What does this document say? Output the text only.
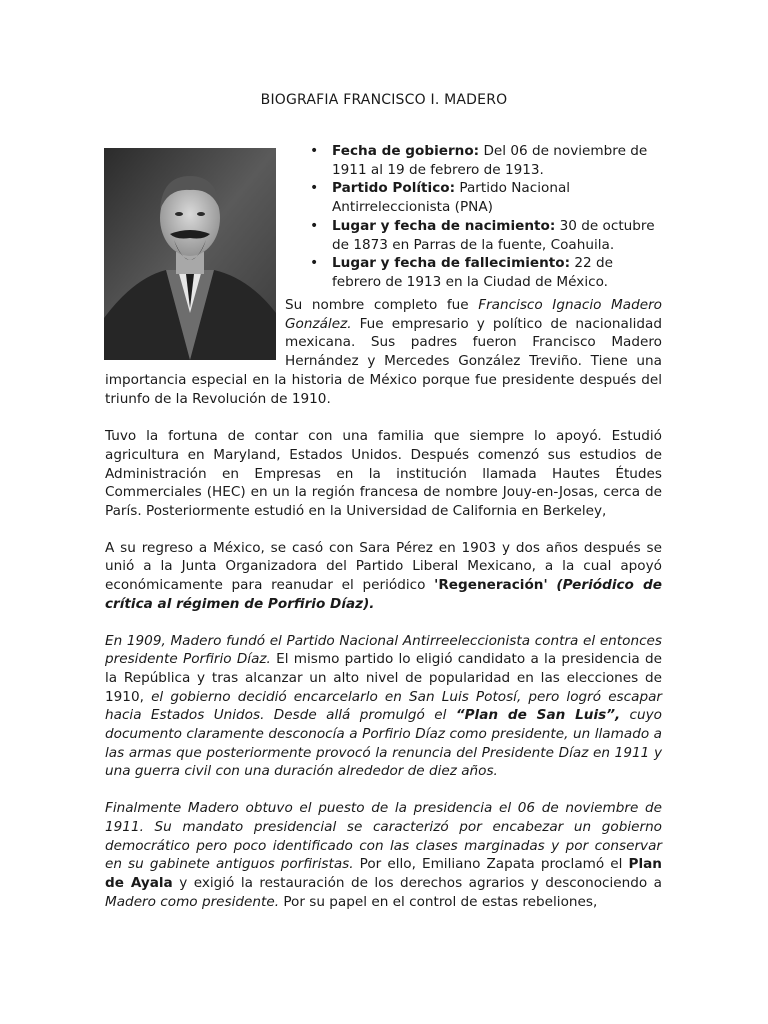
BIOGRAFIA FRANCISCO I. MADERO
• Fecha de gobierno: Del 06 de noviembre de 1911 al 19 de febrero de 1913.
• Partido Político: Partido Nacional Antirreleccionista (PNA)
• Lugar y fecha de nacimiento: 30 de octubre de 1873 en Parras de la fuente, Coahuila.
• Lugar y fecha de fallecimiento: 22 de febrero de 1913 en la Ciudad de México.

Su nombre completo fue Francisco Ignacio Madero González. Fue empresario y político de nacionalidad mexicana. Sus padres fueron Francisco Madero Hernández y Mercedes González Treviño. Tiene una importancia especial en la historia de México porque fue presidente después del triunfo de la Revolución de 1910.

Tuvo la fortuna de contar con una familia que siempre lo apoyó. Estudió agricultura en Maryland, Estados Unidos. Después comenzó sus estudios de Administración en Empresas en la institución llamada Hautes Études Commerciales (HEC) en un la región francesa de nombre Jouy-en-Josas, cerca de París. Posteriormente estudió en la Universidad de California en Berkeley,

A su regreso a México, se casó con Sara Pérez en 1903 y dos años después se unió a la Junta Organizadora del Partido Liberal Mexicano, a la cual apoyó económicamente para reanudar el periódico 'Regeneración' (Periódico de crítica al régimen de Porfirio Díaz).

En 1909, Madero fundó el Partido Nacional Antirreeleccionista contra el entonces presidente Porfirio Díaz. El mismo partido lo eligió candidato a la presidencia de la República y tras alcanzar un alto nivel de popularidad en las elecciones de 1910, el gobierno decidió encarcelarlo en San Luis Potosí, pero logró escapar hacia Estados Unidos. Desde allá promulgó el “Plan de San Luis”, cuyo documento claramente desconocía a Porfirio Díaz como presidente, un llamado a las armas que posteriormente provocó la renuncia del Presidente Díaz en 1911 y una guerra civil con una duración alrededor de diez años.

Finalmente Madero obtuvo el puesto de la presidencia el 06 de noviembre de 1911. Su mandato presidencial se caracterizó por encabezar un gobierno democrático pero poco identificado con las clases marginadas y por conservar en su gabinete antiguos porfiristas. Por ello, Emiliano Zapata proclamó el Plan de Ayala y exigió la restauración de los derechos agrarios y desconociendo a Madero como presidente. Por su papel en el control de estas rebeliones,
